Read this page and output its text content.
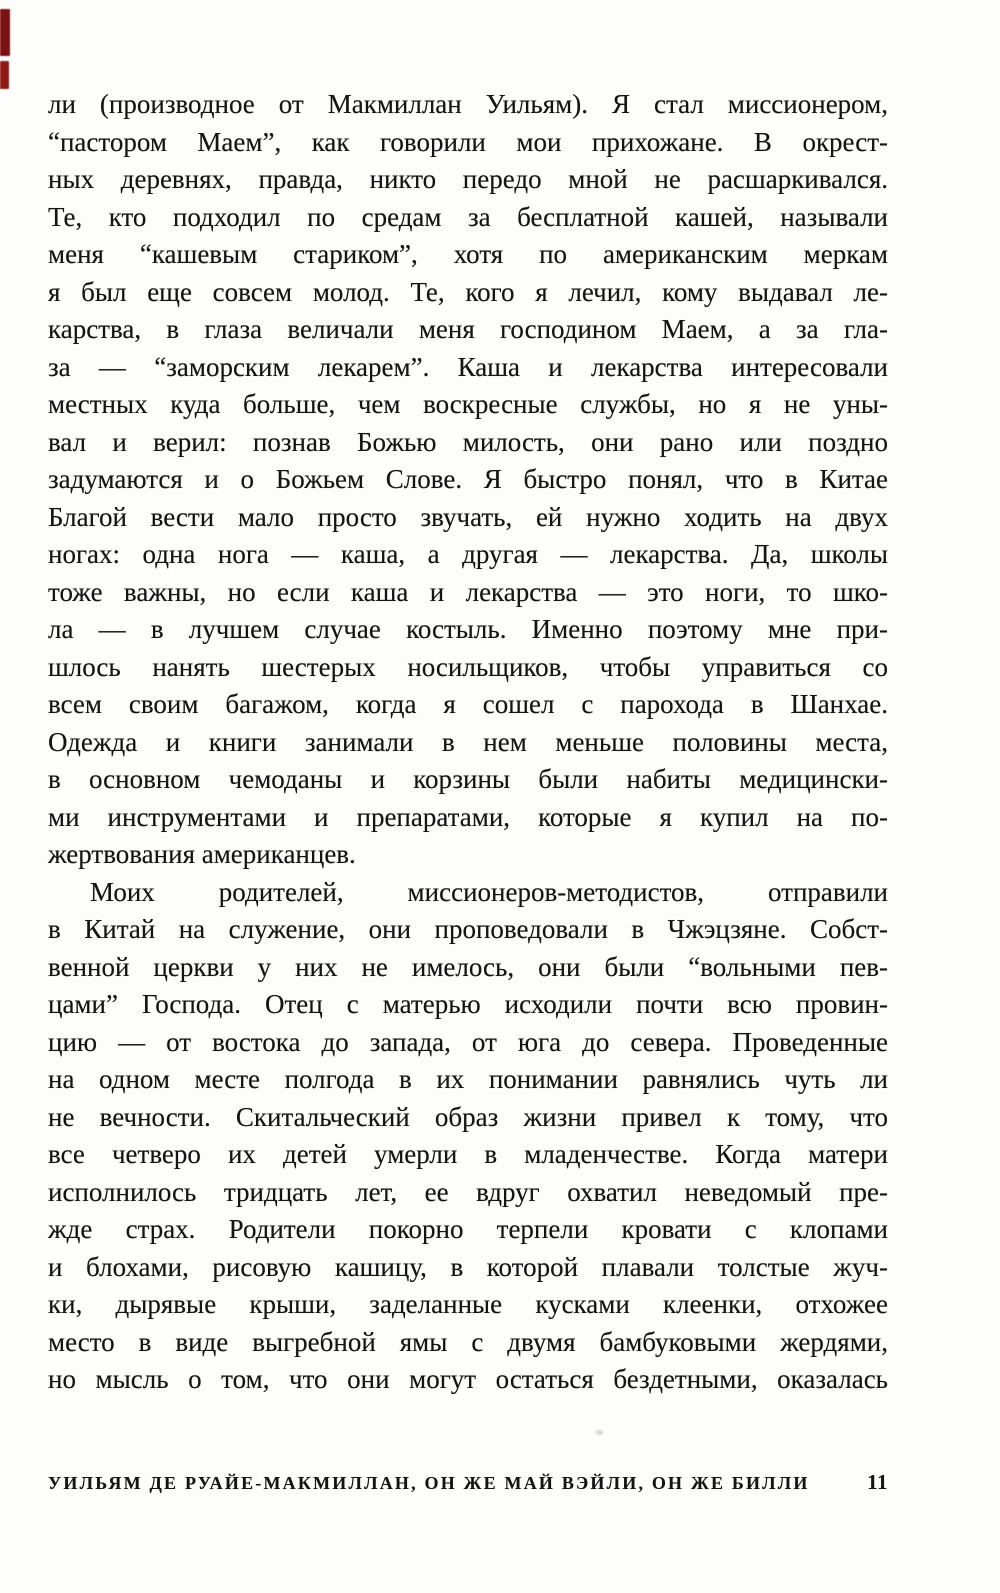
ли (производное от Макмиллан Уильям). Я стал миссионером,
“пастором Маем”, как говорили мои прихожане. В окрест-
ных деревнях, правда, никто передо мной не расшаркивался.
Те, кто подходил по средам за бесплатной кашей, называли
меня “кашевым стариком”, хотя по американским меркам
я был еще совсем молод. Те, кого я лечил, кому выдавал ле-
карства, в глаза величали меня господином Маем, а за гла-
за — “заморским лекарем”. Каша и лекарства интересовали
местных куда больше, чем воскресные службы, но я не уны-
вал и верил: познав Божью милость, они рано или поздно
задумаются и о Божьем Слове. Я быстро понял, что в Китае
Благой вести мало просто звучать, ей нужно ходить на двух
ногах: одна нога — каша, а другая — лекарства. Да, школы
тоже важны, но если каша и лекарства — это ноги, то шко-
ла — в лучшем случае костыль. Именно поэтому мне при-
шлось нанять шестерых носильщиков, чтобы управиться со
всем своим багажом, когда я сошел с парохода в Шанхае.
Одежда и книги занимали в нем меньше половины места,
в основном чемоданы и корзины были набиты медицински-
ми инструментами и препаратами, которые я купил на по-
жертвования американцев.
Моих родителей, миссионеров-методистов, отправили
в Китай на служение, они проповедовали в Чжэцзяне. Собст-
венной церкви у них не имелось, они были “вольными пев-
цами” Господа. Отец с матерью исходили почти всю провин-
цию — от востока до запада, от юга до севера. Проведенные
на одном месте полгода в их понимании равнялись чуть ли
не вечности. Скитальческий образ жизни привел к тому, что
все четверо их детей умерли в младенчестве. Когда матери
исполнилось тридцать лет, ее вдруг охватил неведомый пре-
жде страх. Родители покорно терпели кровати с клопами
и блохами, рисовую кашицу, в которой плавали толстые жуч-
ки, дырявые крыши, заделанные кусками клеенки, отхожее
место в виде выгребной ямы с двумя бамбуковыми жердями,
но мысль о том, что они могут остаться бездетными, оказалась
УИЛЬЯМ ДЕ РУАЙЕ-МАКМИЛЛАН, ОН ЖЕ МАЙ ВЭЙЛИ, ОН ЖЕ БИЛЛИ	11
